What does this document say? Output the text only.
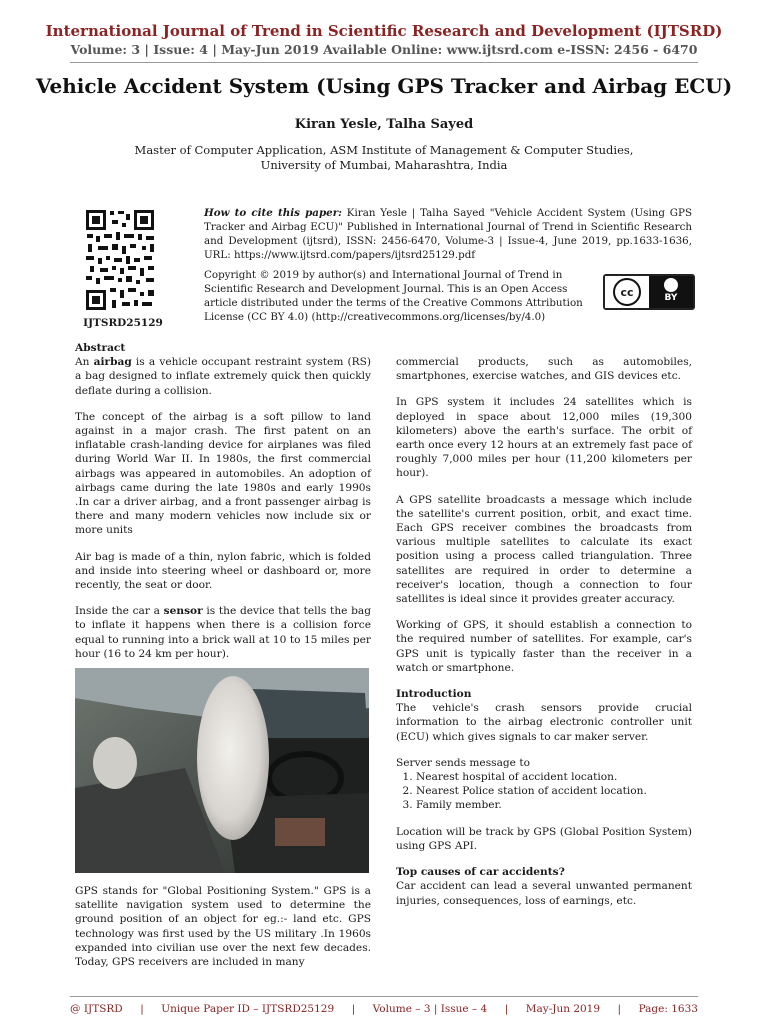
International Journal of Trend in Scientific Research and Development (IJTSRD)
Volume: 3 | Issue: 4 | May-Jun 2019 Available Online: www.ijtsrd.com e-ISSN: 2456 - 6470
Vehicle Accident System (Using GPS Tracker and Airbag ECU)
Kiran Yesle, Talha Sayed
Master of Computer Application, ASM Institute of Management & Computer Studies,
University of Mumbai, Maharashtra, India
IJTSRD25129
How to cite this paper: Kiran Yesle | Talha Sayed "Vehicle Accident System (Using GPS Tracker and Airbag ECU)" Published in International Journal of Trend in Scientific Research and Development (ijtsrd), ISSN: 2456-6470, Volume-3 | Issue-4, June 2019, pp.1633-1636, URL: https://www.ijtsrd.com/papers/ijtsrd25129.pdf
Copyright © 2019 by author(s) and International Journal of Trend in Scientific Research and Development Journal. This is an Open Access article distributed under the terms of the Creative Commons Attribution License (CC BY 4.0) (http://creativecommons.org/licenses/by/4.0)
cc	BY
Abstract

An airbag is a vehicle occupant restraint system (RS) a bag designed to inflate extremely quick then quickly deflate during a collision.

The concept of the airbag is a soft pillow to land against in a major crash. The first patent on an inflatable crash-landing device for airplanes was filed during World War II. In 1980s, the first commercial airbags was appeared in automobiles. An adoption of airbags came during the late 1980s and early 1990s .In car a driver airbag, and a front passenger airbag is there and many modern vehicles now include six or more units

Air bag is made of a thin, nylon fabric, which is folded and inside into steering wheel or dashboard or, more recently, the seat or door.

Inside the car a sensor is the device that tells the bag to inflate it happens when there is a collision force equal to running into a brick wall at 10 to 15 miles per hour (16 to 24 km per hour).

GPS stands for "Global Positioning System." GPS is a satellite navigation system used to determine the ground position of an object for eg.:- land etc. GPS technology was first used by the US military .In 1960s expanded into civilian use over the next few decades. Today, GPS receivers are included in many

commercial products, such as automobiles, smartphones, exercise watches, and GIS devices etc.

In GPS system it includes 24 satellites which is deployed in space about 12,000 miles (19,300 kilometers) above the earth's surface. The orbit of earth once every 12 hours at an extremely fast pace of roughly 7,000 miles per hour (11,200 kilometers per hour).

A GPS satellite broadcasts a message which include the satellite's current position, orbit, and exact time. Each GPS receiver combines the broadcasts from various multiple satellites to calculate its exact position using a process called triangulation. Three satellites are required in order to determine a receiver's location, though a connection to four satellites is ideal since it provides greater accuracy.

Working of GPS, it should establish a connection to the required number of satellites. For example, car's GPS unit is typically faster than the receiver in a watch or smartphone.

Introduction

The vehicle's crash sensors provide crucial information to the airbag electronic controller unit (ECU) which gives signals to car maker server.

Server sends message to
1. Nearest hospital of accident location.
2. Nearest Police station of accident location.
3. Family member.

Location will be track by GPS (Global Position System) using GPS API.

Top causes of car accidents?

Car accident can lead a several unwanted permanent injuries, consequences, loss of earnings, etc.

@ IJTSRD | Unique Paper ID – IJTSRD25129 | Volume – 3 | Issue – 4 | May-Jun 2019 | Page: 1633
